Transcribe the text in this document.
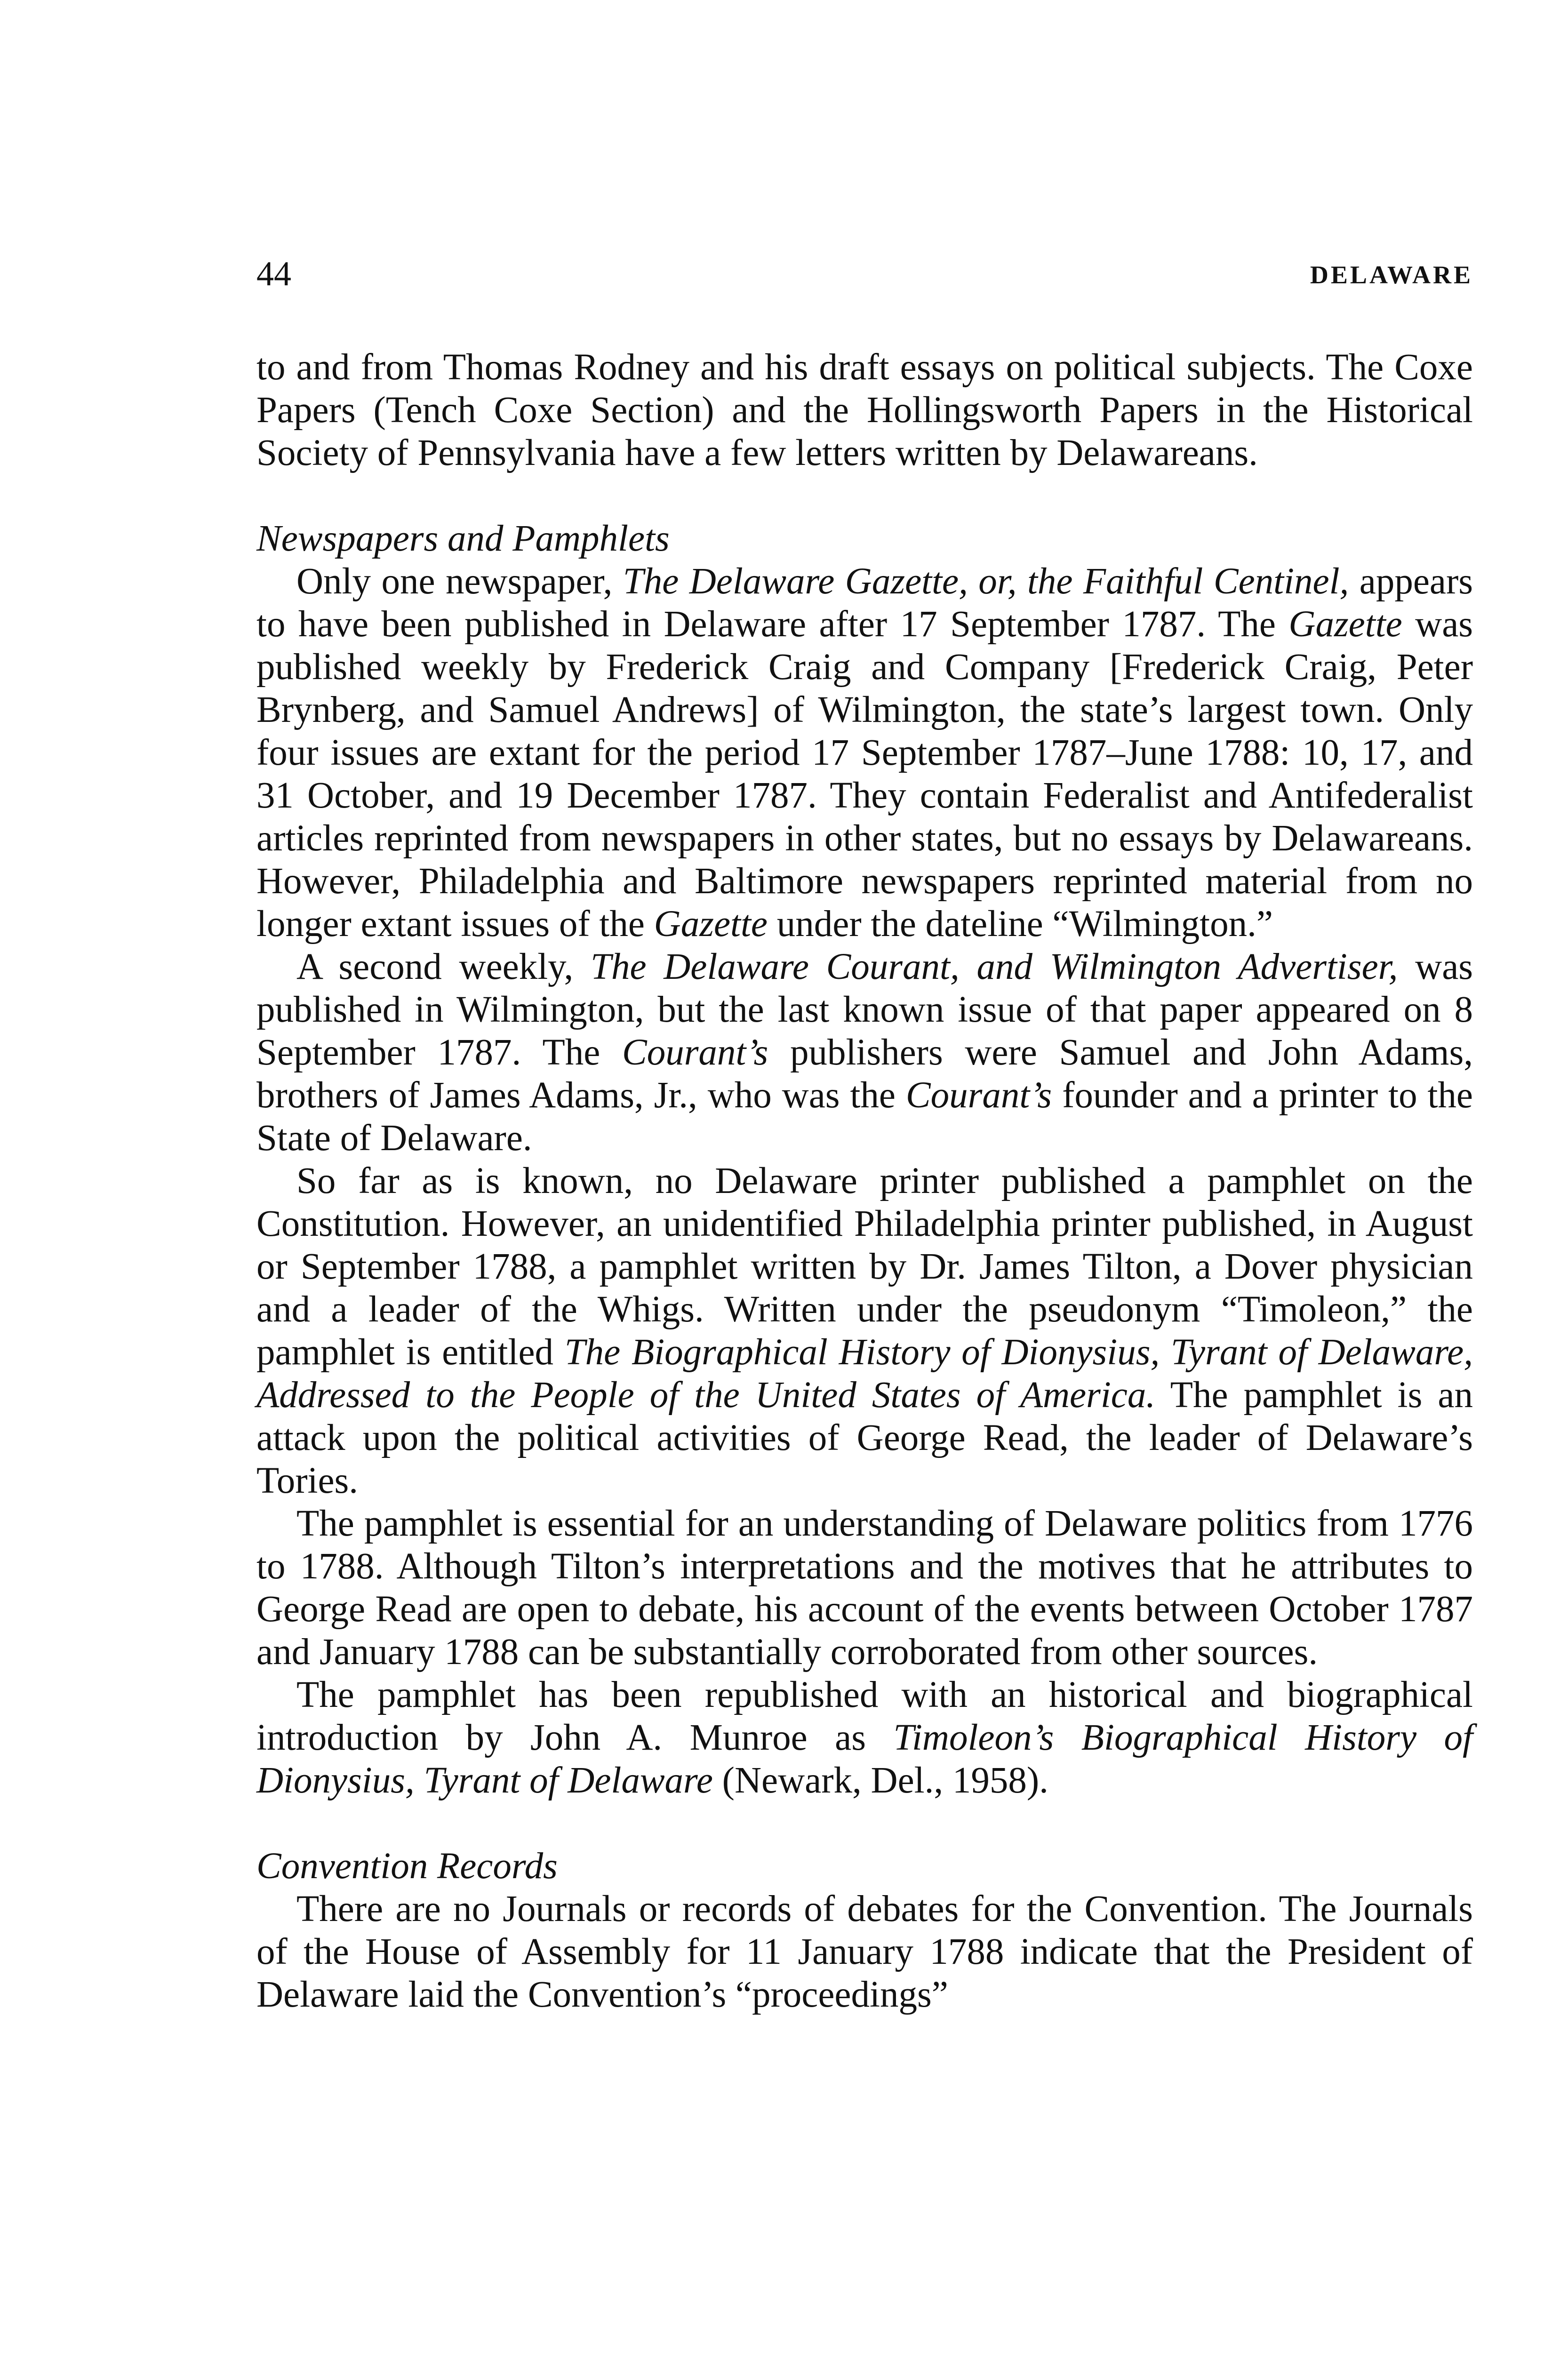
44	DELAWARE

to and from Thomas Rodney and his draft essays on political subjects. The Coxe Papers (Tench Coxe Section) and the Hollingsworth Papers in the Historical Society of Pennsylvania have a few letters written by Delawareans.

Newspapers and Pamphlets

Only one newspaper, The Delaware Gazette, or, the Faithful Centinel, appears to have been published in Delaware after 17 September 1787. The Gazette was published weekly by Frederick Craig and Company [Frederick Craig, Peter Brynberg, and Samuel Andrews] of Wilmington, the state’s largest town. Only four issues are extant for the period 17 September 1787–June 1788: 10, 17, and 31 October, and 19 December 1787. They contain Federalist and Antifederalist articles reprinted from newspapers in other states, but no essays by Delawareans. However, Philadelphia and Baltimore newspapers reprinted material from no longer extant issues of the Gazette under the dateline “Wilmington.”

A second weekly, The Delaware Courant, and Wilmington Advertiser, was published in Wilmington, but the last known issue of that paper appeared on 8 September 1787. The Courant’s publishers were Samuel and John Adams, brothers of James Adams, Jr., who was the Courant’s founder and a printer to the State of Delaware.

So far as is known, no Delaware printer published a pamphlet on the Constitution. However, an unidentified Philadelphia printer published, in August or September 1788, a pamphlet written by Dr. James Tilton, a Dover physician and a leader of the Whigs. Written under the pseudonym “Timoleon,” the pamphlet is entitled The Biographical History of Dionysius, Tyrant of Delaware, Addressed to the People of the United States of America. The pamphlet is an attack upon the political activities of George Read, the leader of Delaware’s Tories.

The pamphlet is essential for an understanding of Delaware politics from 1776 to 1788. Although Tilton’s interpretations and the motives that he attributes to George Read are open to debate, his account of the events between October 1787 and January 1788 can be substantially corroborated from other sources.

The pamphlet has been republished with an historical and biographical introduction by John A. Munroe as Timoleon’s Biographical History of Dionysius, Tyrant of Delaware (Newark, Del., 1958).

Convention Records

There are no Journals or records of debates for the Convention. The Journals of the House of Assembly for 11 January 1788 indicate that the President of Delaware laid the Convention’s “proceedings”
